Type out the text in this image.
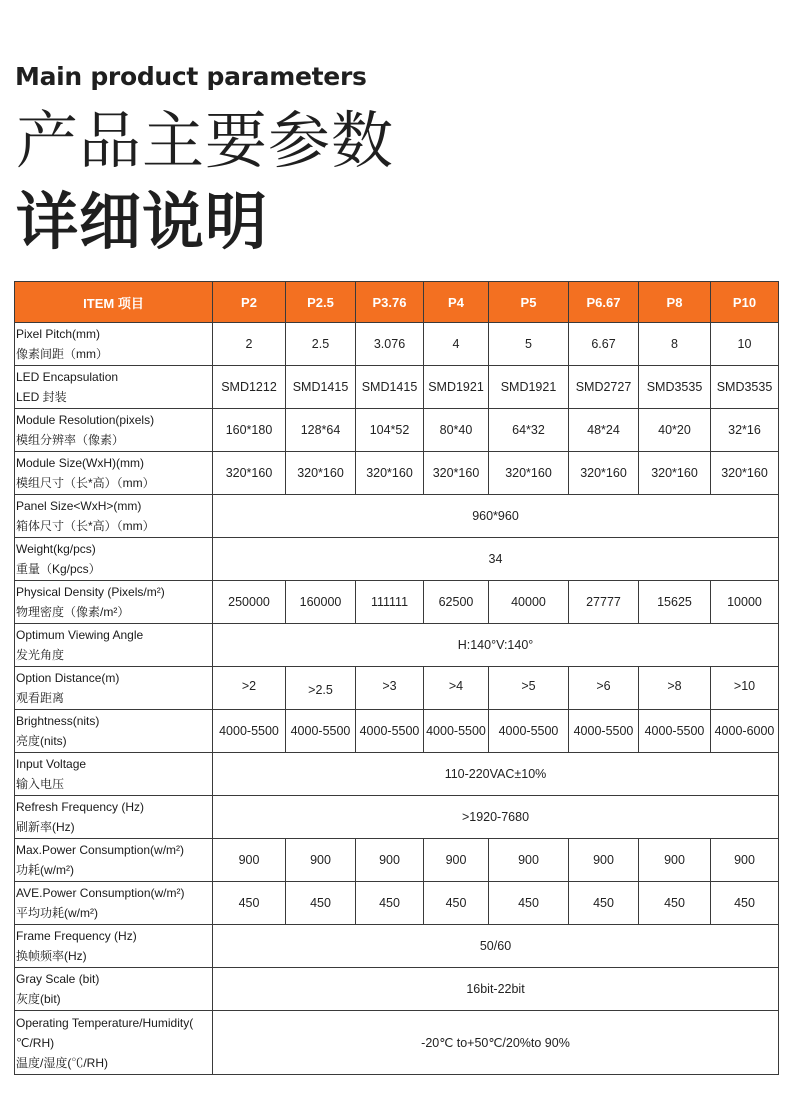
Main product parameters
产品主要参数
详细说明
ITEM 项目	P2	P2.5	P3.76	P4	P5	P6.67	P8	P10

Pixel Pitch(mm)
像素间距（mm）	2	2.5	3.076	4	5	6.67	8	10

LED Encapsulation
LED 封装	SMD1212	SMD1415	SMD1415	SMD1921	SMD1921	SMD2727	SMD3535	SMD3535

Module Resolution(pixels)
模组分辨率（像素）	160*180	128*64	104*52	80*40	64*32	48*24	40*20	32*16

Module Size(WxH)(mm)
模组尺寸（长*高）（mm）	320*160	320*160	320*160	320*160	320*160	320*160	320*160	320*160

Panel Size<WxH>(mm)
箱体尺寸（长*高）（mm）	960*960							

Weight(kg/pcs)
重量（Kg/pcs）	34							

Physical Density (Pixels/m²)
物理密度（像素/m²）	250000	160000	111111	62500	40000	27777	15625	10000

Optimum Viewing Angle
发光角度	H:140°V:140°							

Option Distance(m)
观看距离	>2	>2.5	>3	>4	>5	>6	>8	>10

Brightness(nits)
亮度(nits)	4000-5500	4000-5500	4000-5500	4000-5500	4000-5500	4000-5500	4000-5500	4000-6000

Input Voltage
输入电压	110-220VAC±10%							

Refresh Frequency (Hz)
刷新率(Hz)	>1920-7680							

Max.Power Consumption(w/m²)
功耗(w/m²)	900	900	900	900	900	900	900	900

AVE.Power Consumption(w/m²)
平均功耗(w/m²)	450	450	450	450	450	450	450	450

Frame Frequency (Hz)
换帧频率(Hz)	50/60							

Gray Scale (bit)
灰度(bit)	16bit-22bit							

Operating Temperature/Humidity(
℃/RH)
温度/湿度(℃/RH)	-20℃ to+50℃/20%to 90%							
